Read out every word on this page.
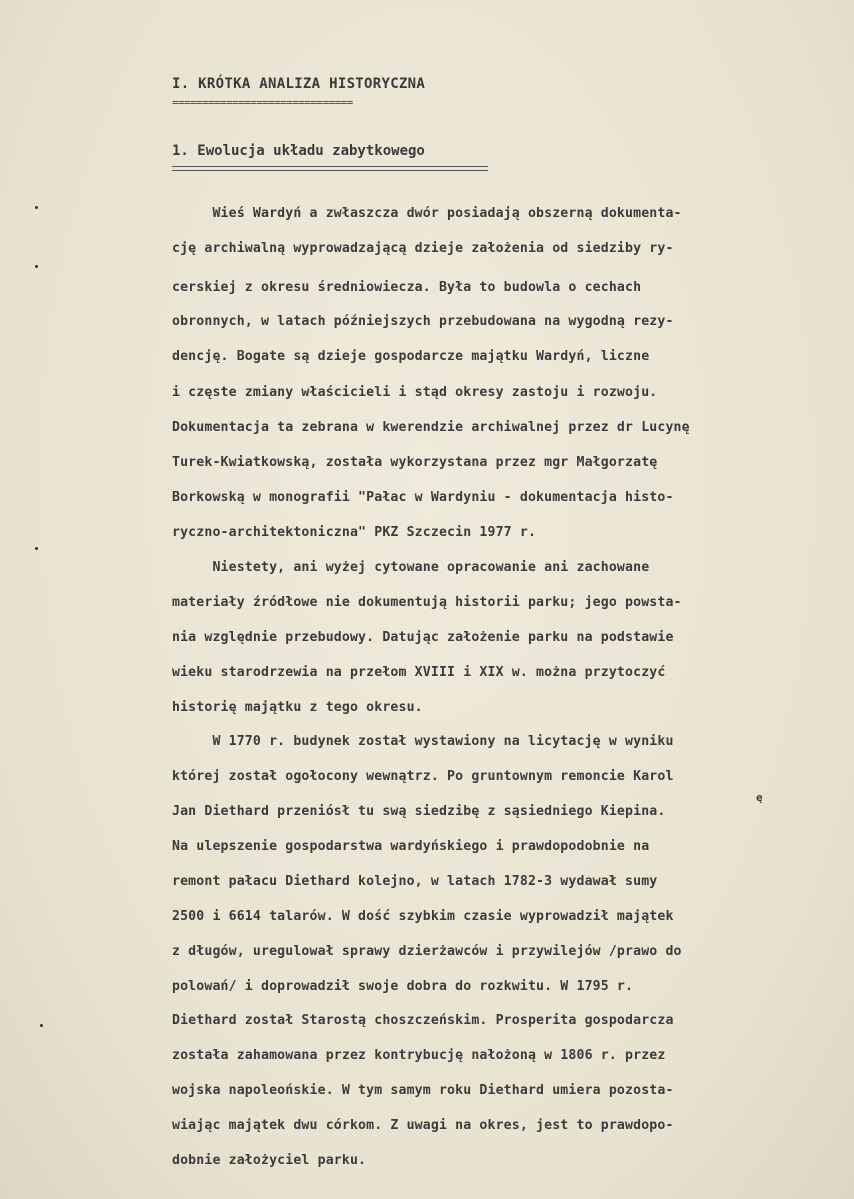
I. KRÓTKA ANALIZA HISTORYCZNA
==============================
1. Ewolucja układu zabytkowego
Wieś Wardyń a zwłaszcza dwór posiadają obszerną dokumenta-
cję archiwalną wyprowadzającą dzieje założenia od siedziby ry-
cerskiej z okresu średniowiecza. Była to budowla o cechach
obronnych, w latach późniejszych przebudowana na wygodną rezy-
dencję. Bogate są dzieje gospodarcze majątku Wardyń, liczne
i częste zmiany właścicieli i stąd okresy zastoju i rozwoju.
Dokumentacja ta zebrana w kwerendzie archiwalnej przez dr Lucynę
Turek-Kwiatkowską, została wykorzystana przez mgr Małgorzatę
Borkowską w monografii "Pałac w Wardyniu - dokumentacja histo-
ryczno-architektoniczna" PKZ Szczecin 1977 r.
Niestety, ani wyżej cytowane opracowanie ani zachowane
materiały źródłowe nie dokumentują historii parku; jego powsta-
nia względnie przebudowy. Datując założenie parku na podstawie
wieku starodrzewia na przełom XVIII i XIX w. można przytoczyć
historię majątku z tego okresu.
W 1770 r. budynek został wystawiony na licytację w wyniku
której został ogołocony wewnątrz. Po gruntownym remoncie Karol
Jan Diethard przeniósł tu swą siedzibę z sąsiedniego Kiepina.
Na ulepszenie gospodarstwa wardyńskiego i prawdopodobnie na
remont pałacu Diethard kolejno, w latach 1782-3 wydawał sumy
2500 i 6614 talarów. W dość szybkim czasie wyprowadził majątek
z długów, uregulował sprawy dzierżawców i przywilejów /prawo do
polowań/ i doprowadził swoje dobra do rozkwitu. W 1795 r.
Diethard został Starostą choszczeńskim. Prosperita gospodarcza
została zahamowana przez kontrybucję nałożoną w 1806 r. przez
wojska napoleońskie. W tym samym roku Diethard umiera pozosta-
wiając majątek dwu córkom. Z uwagi na okres, jest to prawdopo-
dobnie założyciel parku.
ę
